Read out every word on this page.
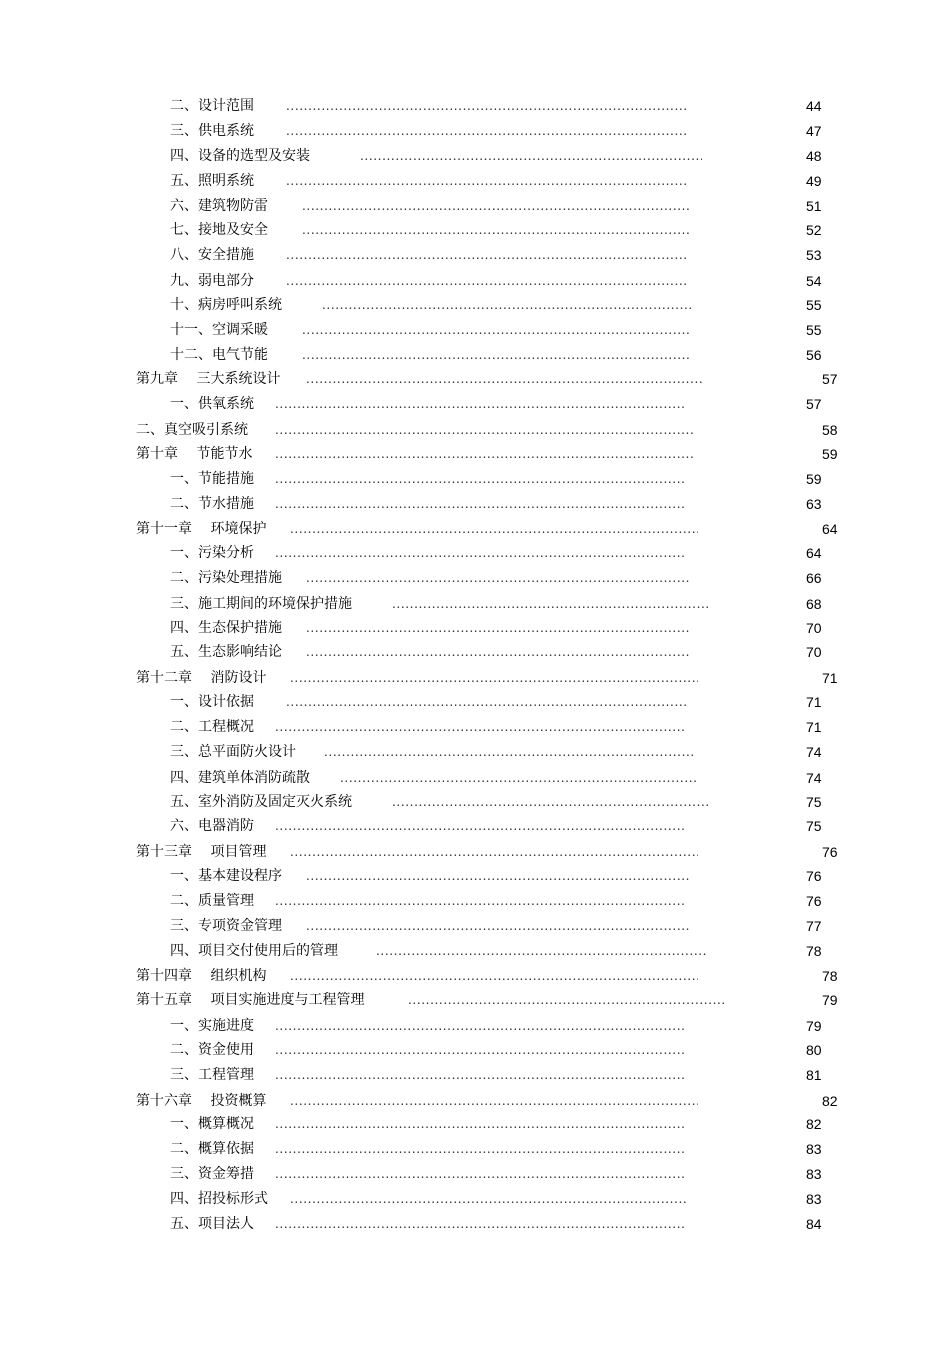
二、设计范围 .....	44
三、供电系统 .....	47
四、设备的选型及安装 .....	48
五、照明系统 .....	49
六、建筑物防雷 .....	51
七、接地及安全 .....	52
八、安全措施 .....	53
九、弱电部分 .....	54
十、病房呼叫系统 .....	55
十一、空调采暖 .....	55
十二、电气节能 .....	56
第九章 三大系统设计 .....	57
一、供氧系统 .....	57
二、真空吸引系统 .....	58
第十章 节能节水 .....	59
一、节能措施 .....	59
二、节水措施 .....	63
第十一章 环境保护 .....	64
一、污染分析 .....	64
二、污染处理措施 .....	66
三、施工期间的环境保护措施 .....	68
四、生态保护措施 .....	70
五、生态影响结论 .....	70
第十二章 消防设计 .....	71
一、设计依据 .....	71
二、工程概况 .....	71
三、总平面防火设计 .....	74
四、建筑单体消防疏散 .....	74
五、室外消防及固定灭火系统 .....	75
六、电器消防 .....	75
第十三章 项目管理 .....	76
一、基本建设程序 .....	76
二、质量管理 .....	76
三、专项资金管理 .....	77
四、项目交付使用后的管理 .....	78
第十四章 组织机构 .....	78
第十五章 项目实施进度与工程管理 .....	79
一、实施进度 .....	79
二、资金使用 .....	80
三、工程管理 .....	81
第十六章 投资概算 .....	82
一、概算概况 .....	82
二、概算依据 .....	83
三、资金筹措 .....	83
四、招投标形式 .....	83
五、项目法人 .....	84
